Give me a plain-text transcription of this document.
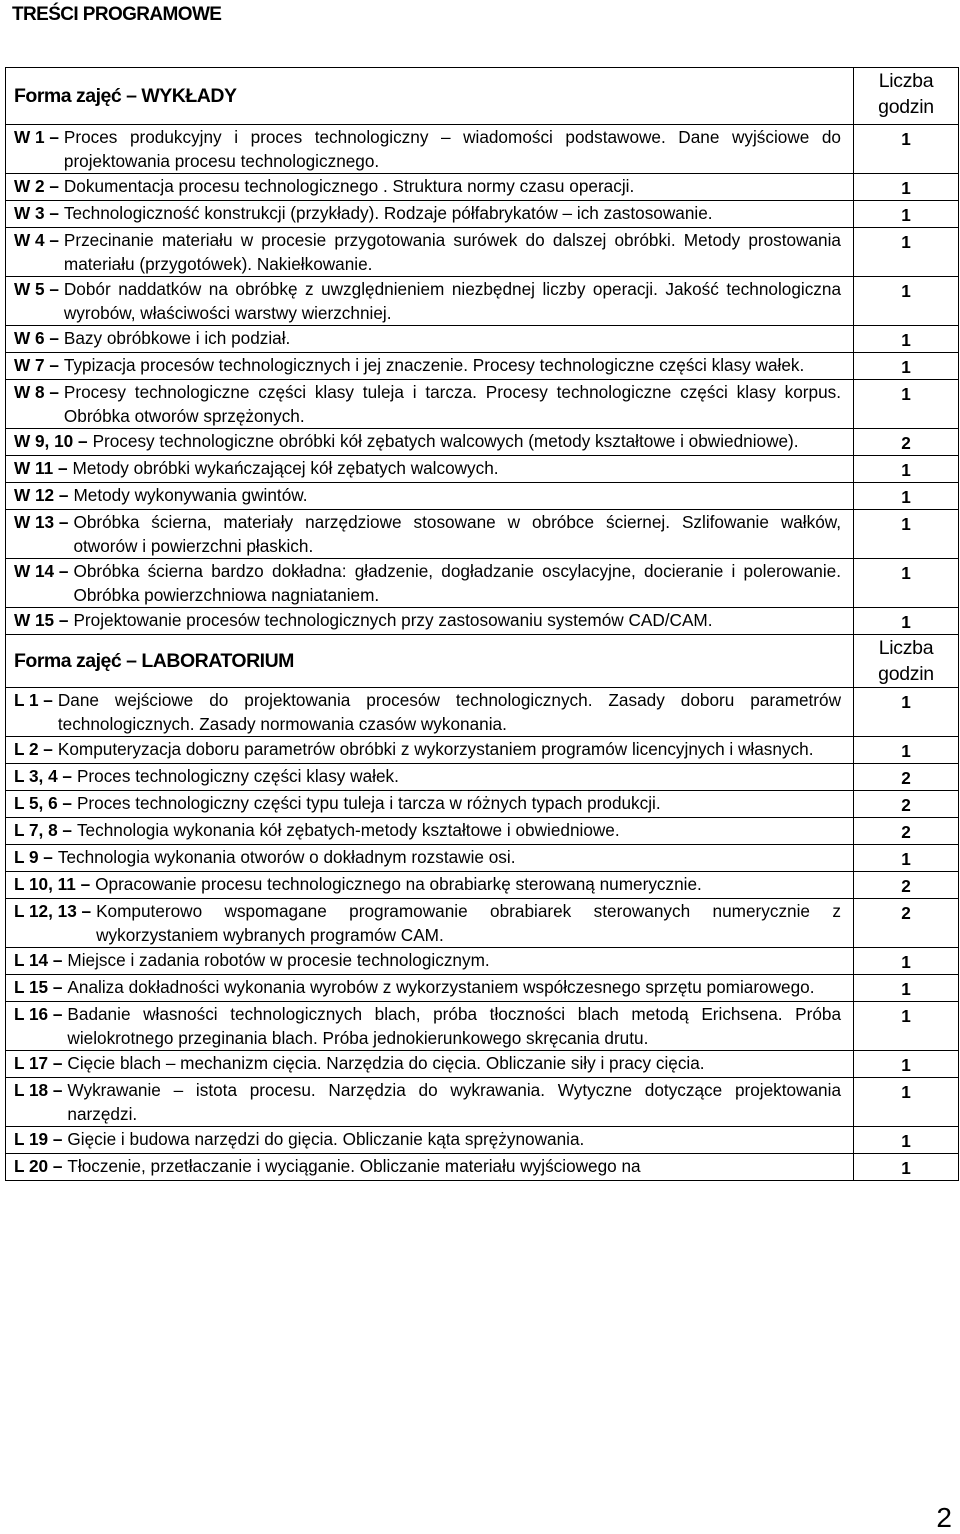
TREŚCI PROGRAMOWE
Forma zajęć – WYKŁADY	Liczba godzin

W 1 – Proces produkcyjny i proces technologiczny – wiadomości podstawowe. Dane wyjściowe do projektowania procesu technologicznego.	1

W 2 – Dokumentacja procesu technologicznego . Struktura normy czasu operacji.	1

W 3 – Technologiczność konstrukcji (przykłady). Rodzaje półfabrykatów – ich zastosowanie.	1

W 4 – Przecinanie materiału w procesie przygotowania surówek do dalszej obróbki. Metody prostowania materiału (przygotówek). Nakiełkowanie.	1

W 5 – Dobór naddatków na obróbkę z uwzględnieniem niezbędnej liczby operacji. Jakość technologiczna wyrobów, właściwości warstwy wierzchniej.	1

W 6 – Bazy obróbkowe i ich podział.	1

W 7 – Typizacja procesów technologicznych i jej znaczenie. Procesy technologiczne części klasy wałek.	1

W 8 – Procesy technologiczne części klasy tuleja i tarcza. Procesy technologiczne części klasy korpus. Obróbka otworów sprzężonych.	1

W 9, 10 – Procesy technologiczne obróbki kół zębatych walcowych (metody kształtowe i obwiedniowe).	2

W 11 – Metody obróbki wykańczającej kół zębatych walcowych.	1

W 12 – Metody wykonywania gwintów.	1

W 13 – Obróbka ścierna, materiały narzędziowe stosowane w obróbce ściernej. Szlifowanie wałków, otworów i powierzchni płaskich.	1

W 14 – Obróbka ścierna bardzo dokładna: gładzenie, dogładzanie oscylacyjne, docieranie i polerowanie. Obróbka powierzchniowa nagniataniem.	1

W 15 – Projektowanie procesów technologicznych przy zastosowaniu systemów CAD/CAM.	1

Forma zajęć – LABORATORIUM	Liczba godzin

L 1 – Dane wejściowe do projektowania procesów technologicznych. Zasady doboru parametrów technologicznych. Zasady normowania czasów wykonania.	1

L 2 – Komputeryzacja doboru parametrów obróbki z wykorzystaniem programów licencyjnych i własnych.	1

L 3, 4 – Proces technologiczny części klasy wałek.	2

L 5, 6 – Proces technologiczny części typu tuleja i tarcza w różnych typach produkcji.	2

L 7, 8 – Technologia wykonania kół zębatych-metody kształtowe i obwiedniowe.	2

L 9 – Technologia wykonania otworów o dokładnym rozstawie osi.	1

L 10, 11 – Opracowanie procesu technologicznego na obrabiarkę sterowaną numerycznie.	2

L 12, 13 – Komputerowo wspomagane programowanie obrabiarek sterowanych numerycznie z wykorzystaniem wybranych programów CAM.	2

L 14 – Miejsce i zadania robotów w procesie technologicznym.	1

L 15 – Analiza dokładności wykonania wyrobów z wykorzystaniem współczesnego sprzętu pomiarowego.	1

L 16 – Badanie własności technologicznych blach, próba tłoczności blach metodą Erichsena. Próba wielokrotnego przeginania blach. Próba jednokierunkowego skręcania drutu.	1

L 17 – Cięcie blach – mechanizm cięcia. Narzędzia do cięcia. Obliczanie siły i pracy cięcia.	1

L 18 – Wykrawanie – istota procesu. Narzędzia do wykrawania. Wytyczne dotyczące projektowania narzędzi.	1

L 19 – Gięcie i budowa narzędzi do gięcia. Obliczanie kąta sprężynowania.	1

L 20 – Tłoczenie, przetłaczanie i wyciąganie. Obliczanie materiału wyjściowego na	1
2
